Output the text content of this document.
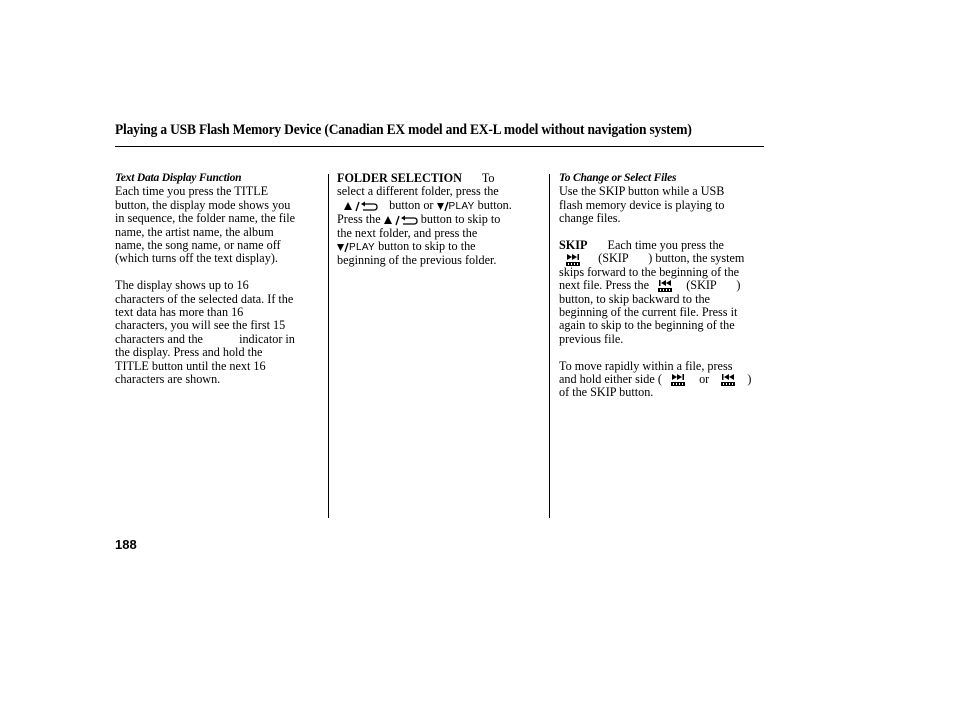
Playing a USB Flash Memory Device (Canadian EX model and EX-L model without navigation system)
Text Data Display Function
Each time you press the TITLE
button, the display mode shows you
in sequence, the folder name, the file
name, the artist name, the album
name, the song name, or name off
(which turns off the text display).
The display shows up to 16
characters of the selected data. If the
text data has more than 16
characters, you will see the first 15
characters and the	indicator in
the display. Press and hold the
TITLE button until the next 16
characters are shown.
FOLDER SELECTION To
select a different folder, press the

button or PLAY button.
Press the	button to skip to
the next folder, and press the
PLAY button to skip to the
beginning of the previous folder.
To Change or Select Files
Use the SKIP button while a USB
flash memory device is playing to
change files.
SKIP Each time you press the

(SKIP ) button, the system
skips forward to the beginning of the
next file. Press the	(SKIP )
button, to skip backward to the
beginning of the current file. Press it
again to skip to the beginning of the
previous file.
To move rapidly within a file, press
and hold either side (	or	)
of the SKIP button.
188
